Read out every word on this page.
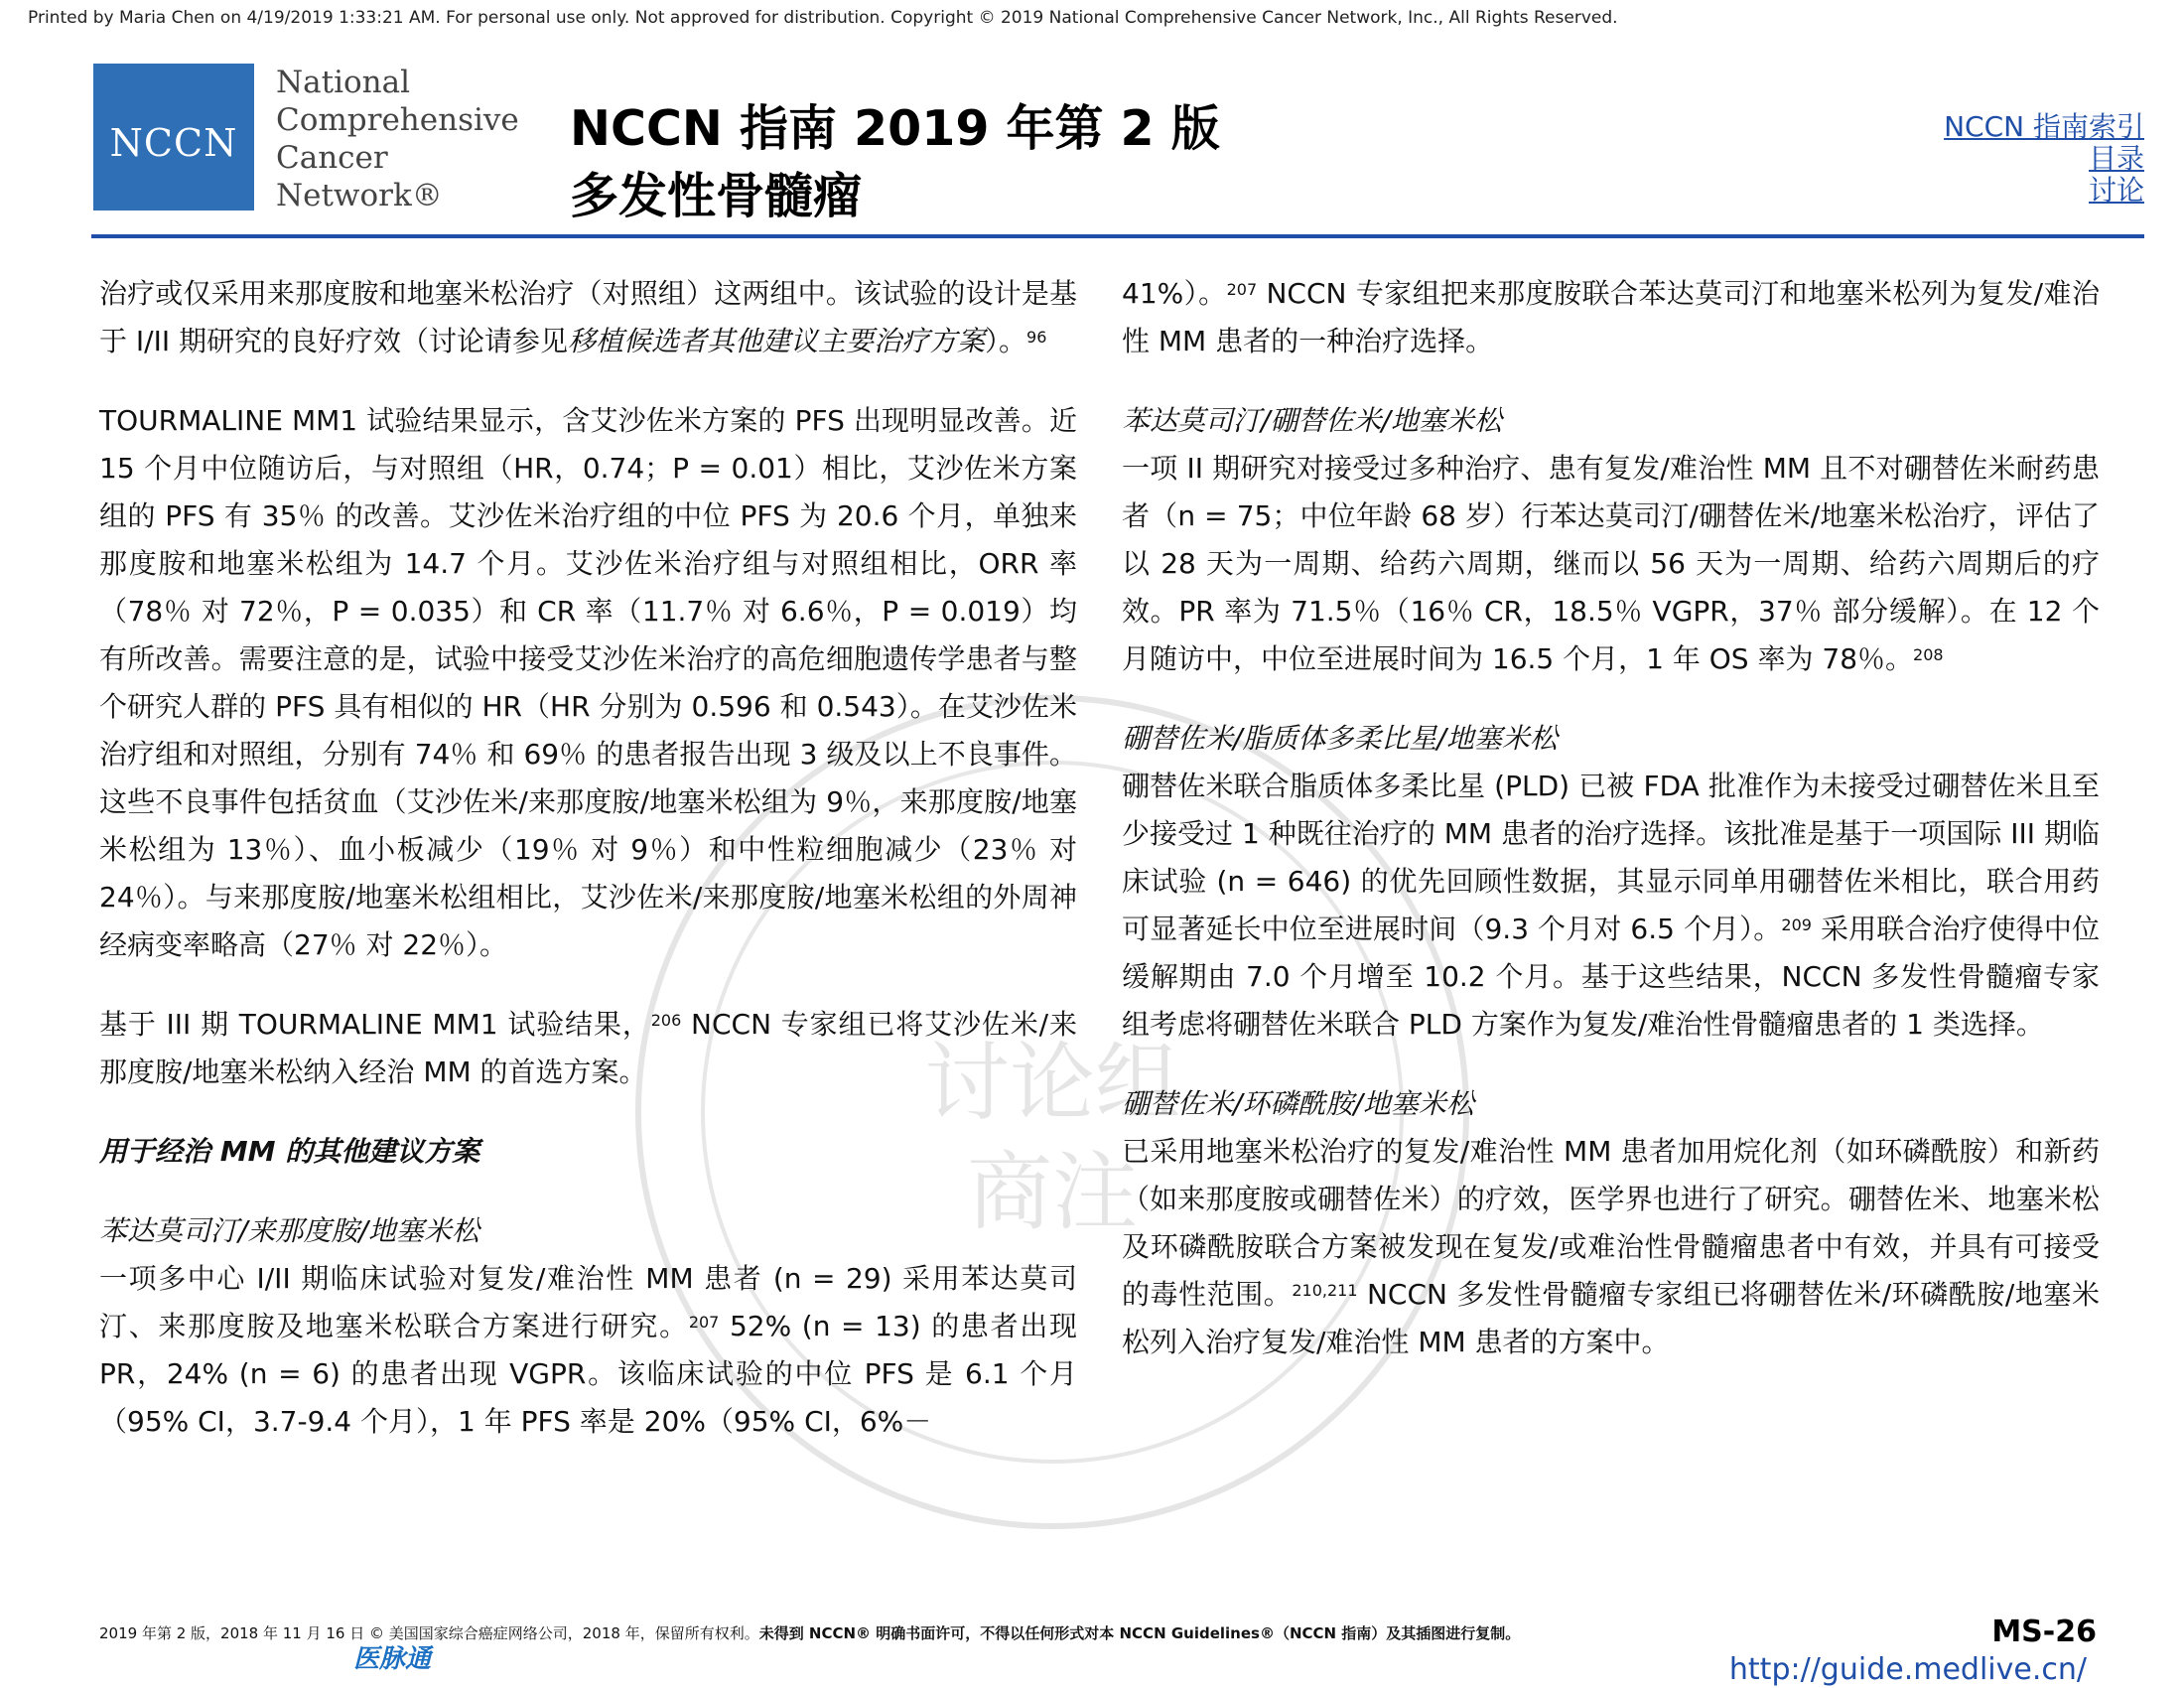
Printed by Maria Chen on 4/19/2019 1:33:21 AM. For personal use only. Not approved for distribution. Copyright © 2019 National Comprehensive Cancer Network, Inc., All Rights Reserved.
NCCN
National
Comprehensive
Cancer
Network®
NCCN 指南 2019 年第 2 版
多发性骨髓瘤
NCCN 指南索引
目录
讨论
讨论组
商注

治疗或仅采用来那度胺和地塞米松治疗（对照组）这两组中。该试验的设计是基于 I/II 期研究的良好疗效（讨论请参见移植候选者其他建议主要治疗方案）。$^{96}$

TOURMALINE MM1 试验结果显示，含艾沙佐米方案的 PFS 出现明显改善。近 15 个月中位随访后，与对照组（HR，0.74；P = 0.01）相比，艾沙佐米方案组的 PFS 有 35％ 的改善。艾沙佐米治疗组的中位 PFS 为 20.6 个月，单独来那度胺和地塞米松组为 14.7 个月。艾沙佐米治疗组与对照组相比，ORR 率（78％ 对 72％，P = 0.035）和 CR 率（11.7％ 对 6.6％，P = 0.019）均有所改善。需要注意的是，试验中接受艾沙佐米治疗的高危细胞遗传学患者与整个研究人群的 PFS 具有相似的 HR（HR 分别为 0.596 和 0.543）。在艾沙佐米治疗组和对照组，分别有 74％ 和 69％ 的患者报告出现 3 级及以上不良事件。 这些不良事件包括贫血（艾沙佐米/来那度胺/地塞米松组为 9％，来那度胺/地塞米松组为 13％）、血小板减少（19％ 对 9％）和中性粒细胞减少（23％ 对 24％）。与来那度胺/地塞米松组相比，艾沙佐米/来那度胺/地塞米松组的外周神经病变率略高（27％ 对 22％）。

基于 III 期 TOURMALINE MM1 试验结果，$^{206}$ NCCN 专家组已将艾沙佐米/来那度胺/地塞米松纳入经治 MM 的首选方案。

用于经治 MM 的其他建议方案
苯达莫司汀/来那度胺/地塞米松

一项多中心 I/II 期临床试验对复发/难治性 MM 患者 (n = 29) 采用苯达莫司汀、来那度胺及地塞米松联合方案进行研究。$^{207}$ 52% (n = 13) 的患者出现 PR，24% (n = 6) 的患者出现 VGPR。该临床试验的中位 PFS 是 6.1 个月（95% CI，3.7-9.4 个月），1 年 PFS 率是 20%（95% CI，6%－

41%）。$^{207}$ NCCN 专家组把来那度胺联合苯达莫司汀和地塞米松列为复发/难治性 MM 患者的一种治疗选择。

苯达莫司汀/硼替佐米/地塞米松

一项 II 期研究对接受过多种治疗、患有复发/难治性 MM 且不对硼替佐米耐药患者（n = 75；中位年龄 68 岁）行苯达莫司汀/硼替佐米/地塞米松治疗，评估了以 28 天为一周期、给药六周期，继而以 56 天为一周期、给药六周期后的疗效。PR 率为 71.5％（16％ CR，18.5％ VGPR，37％ 部分缓解）。在 12 个月随访中，中位至进展时间为 16.5 个月，1 年 OS 率为 78％。$^{208}$

硼替佐米/脂质体多柔比星/地塞米松

硼替佐米联合脂质体多柔比星 (PLD) 已被 FDA 批准作为未接受过硼替佐米且至少接受过 1 种既往治疗的 MM 患者的治疗选择。该批准是基于一项国际 III 期临床试验 (n = 646) 的优先回顾性数据，其显示同单用硼替佐米相比，联合用药可显著延长中位至进展时间（9.3 个月对 6.5 个月）。$^{209}$ 采用联合治疗使得中位缓解期由 7.0 个月增至 10.2 个月。基于这些结果，NCCN 多发性骨髓瘤专家组考虑将硼替佐米联合 PLD 方案作为复发/难治性骨髓瘤患者的 1 类选择。

硼替佐米/环磷酰胺/地塞米松

已采用地塞米松治疗的复发/难治性 MM 患者加用烷化剂（如环磷酰胺）和新药（如来那度胺或硼替佐米）的疗效，医学界也进行了研究。硼替佐米、地塞米松及环磷酰胺联合方案被发现在复发/或难治性骨髓瘤患者中有效，并具有可接受的毒性范围。$^{210,211}$ NCCN 多发性骨髓瘤专家组已将硼替佐米/环磷酰胺/地塞米松列入治疗复发/难治性 MM 患者的方案中。

2019 年第 2 版，2018 年 11 月 16 日 © 美国国家综合癌症网络公司，2018 年，保留所有权利。未得到 NCCN® 明确书面许可，不得以任何形式对本 NCCN Guidelines®（NCCN 指南）及其插图进行复制。	MS-26
医脉通	http://guide.medlive.cn/
